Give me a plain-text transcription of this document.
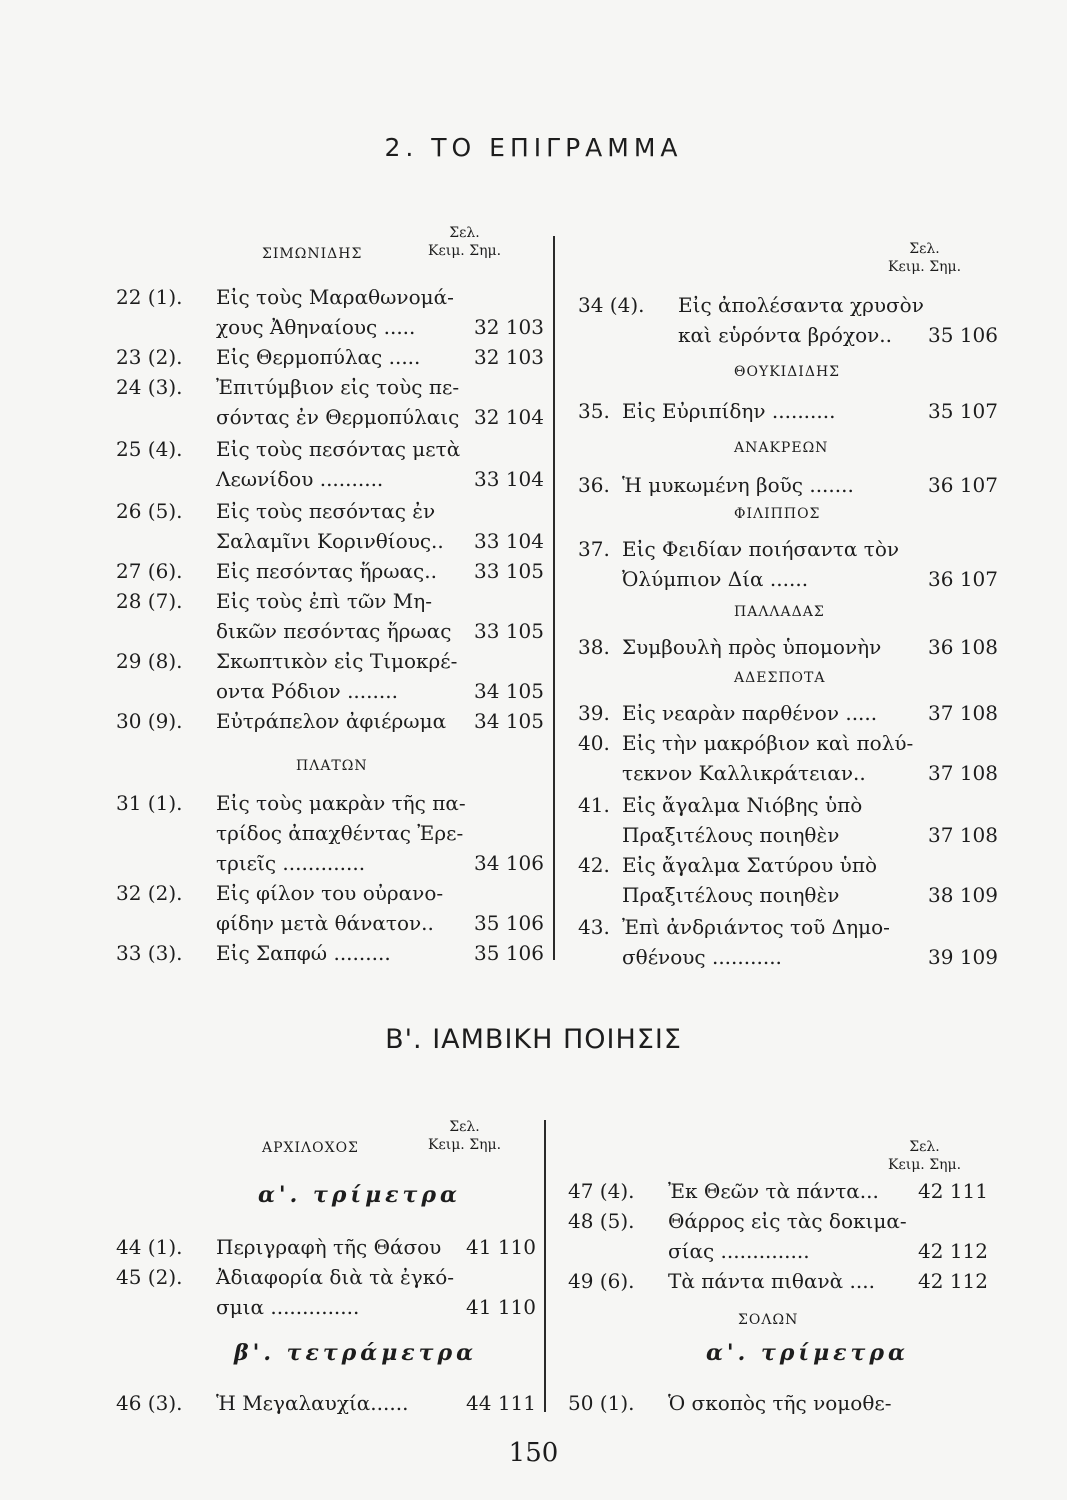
2. ΤΟ ΕΠΙΓΡΑΜΜΑ
Σελ.
Κειμ. Σημ.
ΣΙΜΩΝΙΔΗΣ	Σελ.
Κειμ. Σημ.
22 (1). Εἰς τοὺς Μαραθωνομά-
χους Ἀθηναίους .....	32 103
23 (2). Εἰς Θερμοπύλας .....	32 103
24 (3). Ἐπιτύμβιον εἰς τοὺς πε-
σόντας ἐν Θερμοπύλαις 32 104
25 (4). Εἰς τοὺς πεσόντας μετὰ
Λεωνίδου ..........	33 104
26 (5). Εἰς τοὺς πεσόντας ἐν
Σαλαμῖνι Κορινθίους..	33 104
27 (6). Εἰς πεσόντας ἥρωας..	33 105
28 (7). Εἰς τοὺς ἐπὶ τῶν Μη-
δικῶν πεσόντας ἥρωας	33 105
29 (8). Σκωπτικὸν εἰς Τιμοκρέ-
οντα Ρόδιον ........	34 105
30 (9). Εὐτράπελον ἀφιέρωμα	34 105
ΠΛΑΤΩΝ
31 (1). Εἰς τοὺς μακρὰν τῆς πα-
τρίδος ἀπαχθέντας Ἐρε-
τριεῖς .............	34 106
32 (2). Εἰς φίλον του οὐρανο-
φίδην μετὰ θάνατον..	35 106
33 (3). Εἰς Σαπφώ .........	35 106
34 (4). Εἰς ἀπολέσαντα χρυσὸν
καὶ εὑρόντα βρόχον..	35 106
ΘΟΥΚΙΔΙΔΗΣ
35. Εἰς Εὐριπίδην ..........	35 107
ΑΝΑΚΡΕΩΝ
36. Ἡ μυκωμένη βοῦς .......	36 107
ΦΙΛΙΠΠΟΣ
37. Εἰς Φειδίαν ποιήσαντα τὸν
Ὀλύμπιον Δία ......	36 107
ΠΑΛΛΑΔΑΣ
38. Συμβουλὴ πρὸς ὑπομονὴν	36 108
ΑΔΕΣΠΟΤΑ
39. Εἰς νεαρὰν παρθένον .....	37 108
40. Εἰς τὴν μακρόβιον καὶ πολύ-
τεκνον Καλλικράτειαν..	37 108
41. Εἰς ἄγαλμα Νιόβης ὑπὸ
Πραξιτέλους ποιηθὲν	37 108
42. Εἰς ἄγαλμα Σατύρου ὑπὸ
Πραξιτέλους ποιηθὲν	38 109
43. Ἐπὶ ἀνδριάντος τοῦ Δημο-
σθένους ...........	39 109
Β'. ΙΑΜΒΙΚΗ ΠΟΙΗΣΙΣ
Σελ.
Κειμ. Σημ.
ΑΡΧΙΛΟΧΟΣ	Σελ.
Κειμ. Σημ.
α'. τρίμετρα
44 (1). Περιγραφὴ τῆς Θάσου	41 110
45 (2). Ἀδιαφορία διὰ τὰ ἐγκό-
σμια ..............	41 110
β'. τετράμετρα
46 (3). Ἡ Μεγαλαυχία......	44 111
47 (4). Ἐκ Θεῶν τὰ πάντα...	42 111
48 (5). Θάρρος εἰς τὰς δοκιμα-
σίας ..............	42 112
49 (6). Τὰ πάντα πιθανὰ ....	42 112
ΣΟΛΩΝ
α'. τρίμετρα
50 (1). Ὁ σκοπὸς τῆς νομοθε-
150
